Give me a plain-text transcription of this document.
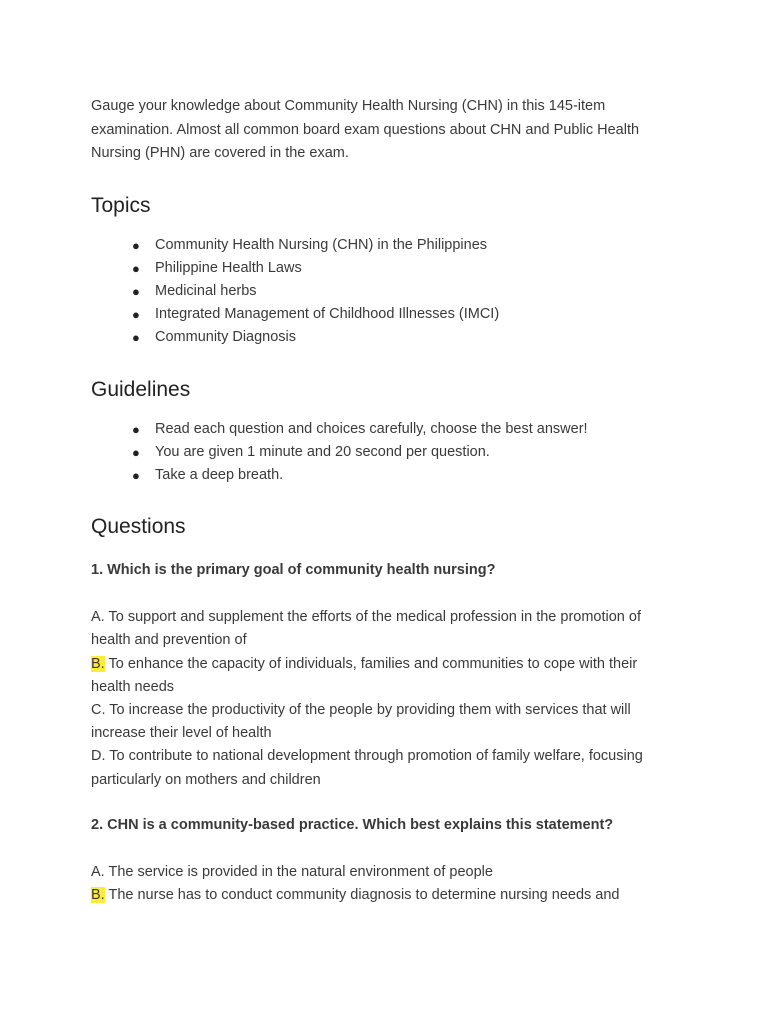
Gauge your knowledge about Community Health Nursing (CHN) in this 145-item examination. Almost all common board exam questions about CHN and Public Health Nursing (PHN) are covered in the exam.

Topics
● Community Health Nursing (CHN) in the Philippines
● Philippine Health Laws
● Medicinal herbs
● Integrated Management of Childhood Illnesses (IMCI)
● Community Diagnosis
Guidelines
● Read each question and choices carefully, choose the best answer!
● You are given 1 minute and 20 second per question.
● Take a deep breath.
Questions

1. Which is the primary goal of community health nursing?

A. To support and supplement the efforts of the medical profession in the promotion of health and prevention of

B. To enhance the capacity of individuals, families and communities to cope with their health needs

C. To increase the productivity of the people by providing them with services that will increase their level of health

D. To contribute to national development through promotion of family welfare, focusing particularly on mothers and children

2. CHN is a community-based practice. Which best explains this statement?

A. The service is provided in the natural environment of people

B. The nurse has to conduct community diagnosis to determine nursing needs and
